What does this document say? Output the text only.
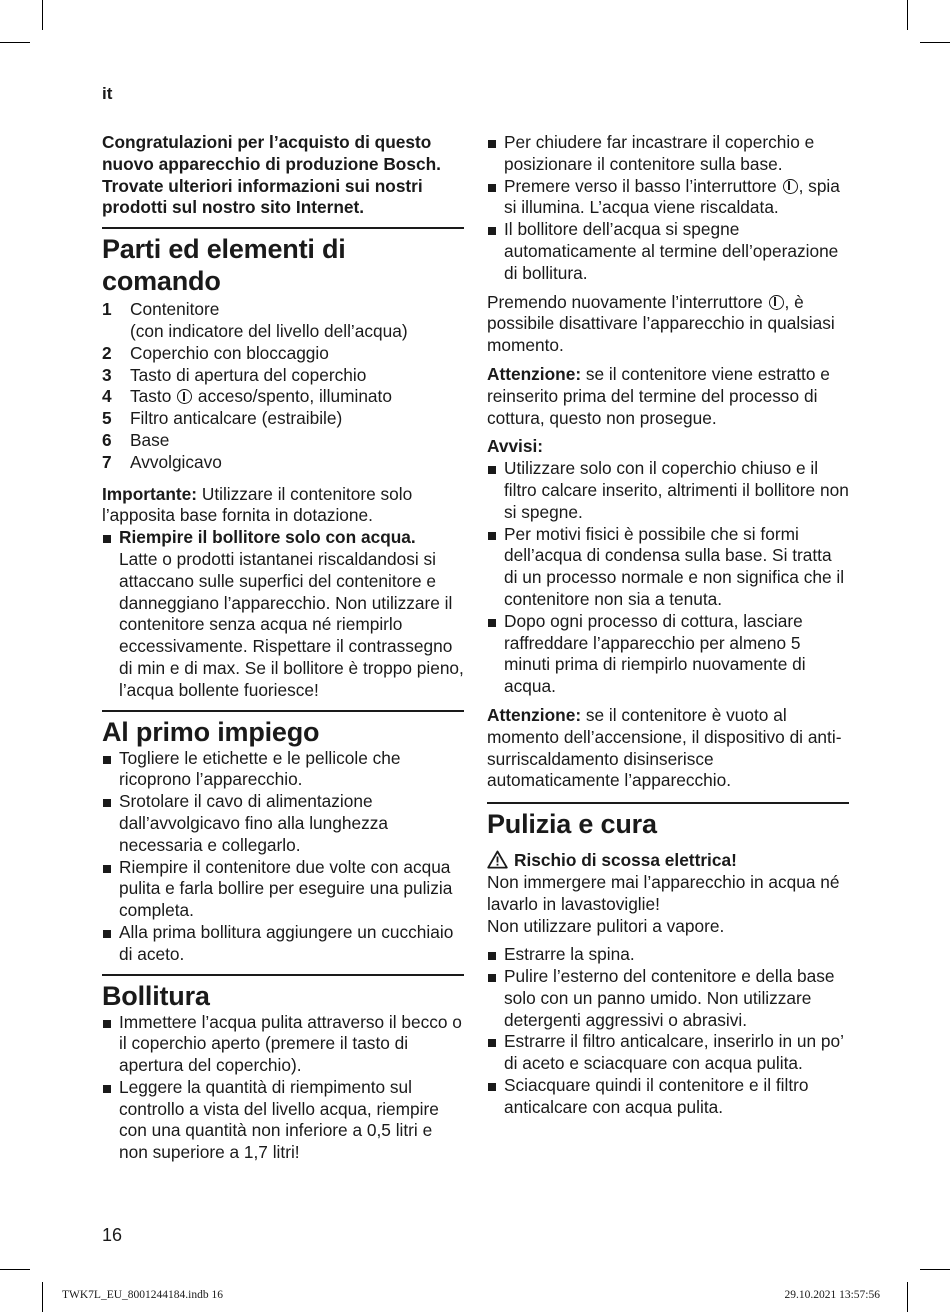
it

Congratulazioni per l’acquisto di questo nuovo apparecchio di produzione Bosch. Trovate ulteriori informazioni sui nostri prodotti sul nostro sito Internet.

Parti ed elementi di comando
1	Contenitore
(con indicatore del livello dell’acqua)
2	Coperchio con bloccaggio
3	Tasto di apertura del coperchio
4	Tasto  acceso/spento, illuminato
5	Filtro anticalcare (estraibile)
6	Base
7	Avvolgicavo

Importante: Utilizzare il contenitore solo l’apposita base fornita in dotazione.

Riempire il bollitore solo con acqua.
Latte o prodotti istantanei riscaldandosi si attaccano sulle superfici del contenitore e danneggiano l’apparecchio. Non utilizzare il contenitore senza acqua né riempirlo eccessivamente. Rispettare il contrassegno di min e di max. Se il bollitore è troppo pieno, l’acqua bollente fuoriesce!
Al primo impiego
Togliere le etichette e le pellicole che ricoprono l’apparecchio.
Srotolare il cavo di alimentazione dall’avvolgicavo fino alla lunghezza necessaria e collegarlo.
Riempire il contenitore due volte con acqua pulita e farla bollire per eseguire una pulizia completa.
Alla prima bollitura aggiungere un cucchiaio di aceto.
Bollitura
Immettere l’acqua pulita attraverso il becco o il coperchio aperto (premere il tasto di apertura del coperchio).
Leggere la quantità di riempimento sul controllo a vista del livello acqua, riempire con una quantità non inferiore a 0,5 litri e non superiore a 1,7 litri!
Per chiudere far incastrare il coperchio e posizionare il contenitore sulla base.
Premere verso il basso l’interruttore , spia si illumina. L’acqua viene riscaldata.
Il bollitore dell’acqua si spegne automaticamente al termine dell’operazione di bollitura.

Premendo nuovamente l’interruttore , è possibile disattivare l’apparecchio in qualsiasi momento.

Attenzione: se il contenitore viene estratto e reinserito prima del termine del processo di cottura, questo non prosegue.

Avvisi:

Utilizzare solo con il coperchio chiuso e il filtro calcare inserito, altrimenti il bollitore non si spegne.
Per motivi fisici è possibile che si formi dell’acqua di condensa sulla base. Si tratta di un processo normale e non significa che il contenitore non sia a tenuta.
Dopo ogni processo di cottura, lasciare raffreddare l’apparecchio per almeno 5 minuti prima di riempirlo nuovamente di acqua.

Attenzione: se il contenitore è vuoto al momento dell’accensione, il dispositivo di anti-surriscaldamento disinserisce automaticamente l’apparecchio.

Pulizia e cura

Rischio di scossa elettrica!

Non immergere mai l’apparecchio in acqua né lavarlo in lavastoviglie!

Non utilizzare pulitori a vapore.

Estrarre la spina.
Pulire l’esterno del contenitore e della base solo con un panno umido. Non utilizzare detergenti aggressivi o abrasivi.
Estrarre il filtro anticalcare, inserirlo in un po’ di aceto e sciacquare con acqua pulita.
Sciacquare quindi il contenitore e il filtro anticalcare con acqua pulita.
16
TWK7L_EU_8001244184.indb 16	29.10.2021 13:57:56
